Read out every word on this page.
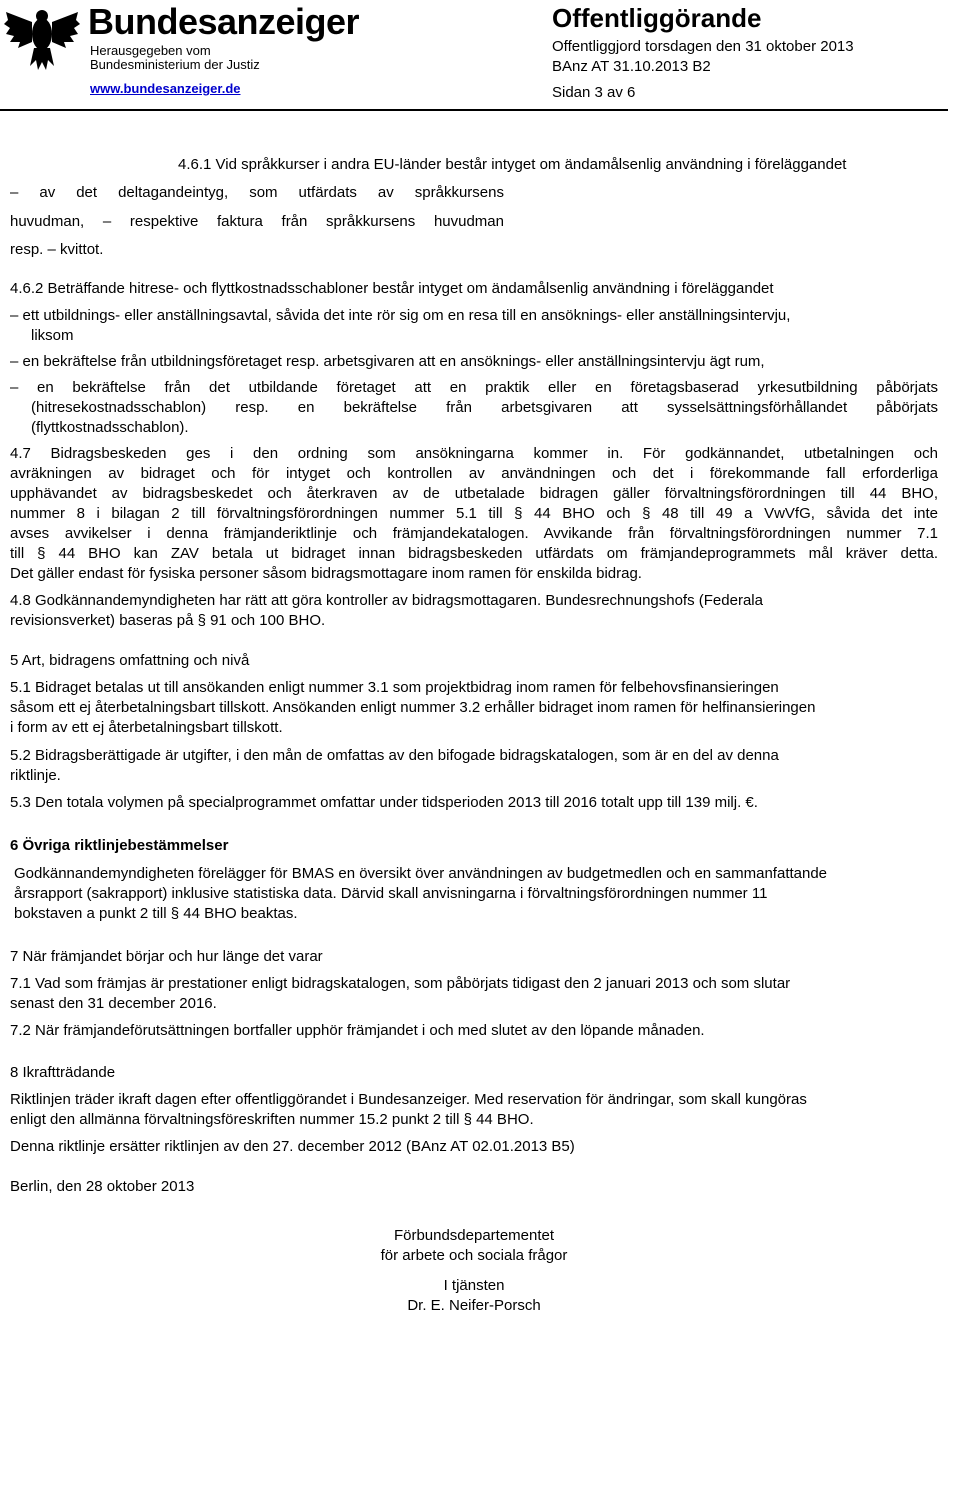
Bundesanzeiger
Herausgegeben vom
Bundesministerium der Justiz
www.bundesanzeiger.de
Offentliggörande
Offentliggjord torsdagen den 31 oktober 2013
BAnz AT 31.10.2013 B2
Sidan 3 av 6
4.6.1 Vid språkkurser i andra EU-länder består intyget om ändamålsenlig användning i föreläggandet
– av det deltagandeintyg, som utfärdats av språkkursens
huvudman, – respektive faktura från språkkursens huvudman
resp. – kvittot.
4.6.2 Beträffande hitrese- och flyttkostnadsschabloner består intyget om ändamålsenlig användning i föreläggandet
– ett utbildnings- eller anställningsavtal, såvida det inte rör sig om en resa till en ansöknings- eller anställningsintervju,
liksom
– en bekräftelse från utbildningsföretaget resp. arbetsgivaren att en ansöknings- eller anställningsintervju ägt rum,
– en bekräftelse från det utbildande företaget att en praktik eller en företagsbaserad yrkesutbildning påbörjats
(hitresekostnadsschablon) resp. en bekräftelse från arbetsgivaren att sysselsättningsförhållandet påbörjats
(flyttkostnadsschablon).
4.7 Bidragsbeskeden ges i den ordning som ansökningarna kommer in. För godkännandet, utbetalningen och
avräkningen av bidraget och för intyget och kontrollen av användningen och det i förekommande fall erforderliga
upphävandet av bidragsbeskedet och återkraven av de utbetalade bidragen gäller förvaltningsförordningen till 44 BHO,
nummer 8 i bilagan 2 till förvaltningsförordningen nummer 5.1 till § 44 BHO och § 48 till 49 a VwVfG, såvida det inte
avses avvikelser i denna främjanderiktlinje och främjandekatalogen. Avvikande från förvaltningsförordningen nummer 7.1
till § 44 BHO kan ZAV betala ut bidraget innan bidragsbeskeden utfärdats om främjandeprogrammets mål kräver detta.
Det gäller endast för fysiska personer såsom bidragsmottagare inom ramen för enskilda bidrag.
4.8 Godkännandemyndigheten har rätt att göra kontroller av bidragsmottagaren. Bundesrechnungshofs (Federala
revisionsverket) baseras på § 91 och 100 BHO.
5 Art, bidragens omfattning och nivå
5.1 Bidraget betalas ut till ansökanden enligt nummer 3.1 som projektbidrag inom ramen för felbehovsfinansieringen
såsom ett ej återbetalningsbart tillskott. Ansökanden enligt nummer 3.2 erhåller bidraget inom ramen för helfinansieringen
i form av ett ej återbetalningsbart tillskott.
5.2 Bidragsberättigade är utgifter, i den mån de omfattas av den bifogade bidragskatalogen, som är en del av denna
riktlinje.
5.3 Den totala volymen på specialprogrammet omfattar under tidsperioden 2013 till 2016 totalt upp till 139 milj. €.
6 Övriga riktlinjebestämmelser
Godkännandemyndigheten förelägger för BMAS en översikt över användningen av budgetmedlen och en sammanfattande
årsrapport (sakrapport) inklusive statistiska data. Därvid skall anvisningarna i förvaltningsförordningen nummer 11
bokstaven a punkt 2 till § 44 BHO beaktas.
7 När främjandet börjar och hur länge det varar
7.1 Vad som främjas är prestationer enligt bidragskatalogen, som påbörjats tidigast den 2 januari 2013 och som slutar
senast den 31 december 2016.
7.2 När främjandeförutsättningen bortfaller upphör främjandet i och med slutet av den löpande månaden.
8 Ikraftträdande
Riktlinjen träder ikraft dagen efter offentliggörandet i Bundesanzeiger. Med reservation för ändringar, som skall kungöras
enligt den allmänna förvaltningsföreskriften nummer 15.2 punkt 2 till § 44 BHO.
Denna riktlinje ersätter riktlinjen av den 27. december 2012 (BAnz AT 02.01.2013 B5)
Berlin, den 28 oktober 2013
Förbundsdepartementet
för arbete och sociala frågor
I tjänsten
Dr. E. Neifer-Porsch
